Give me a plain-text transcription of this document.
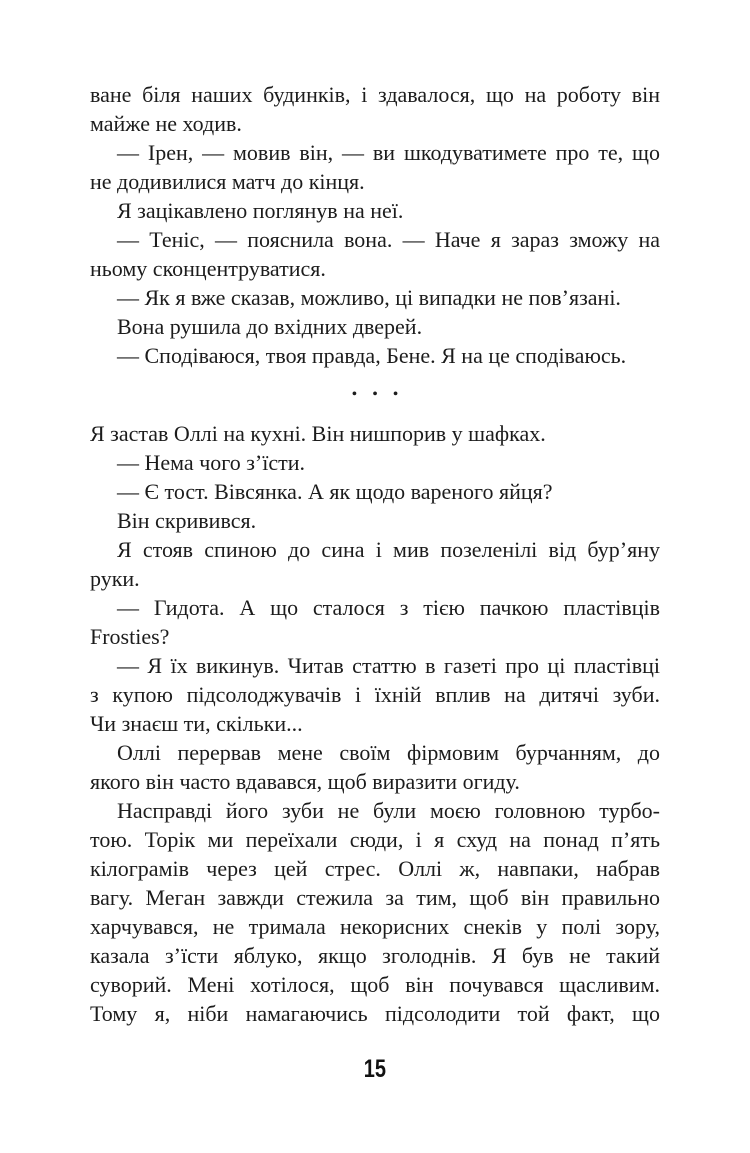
ване біля наших будинків, і здавалося, що на роботу він
майже не ходив.

— Ірен, — мовив він, — ви шкодуватимете про те, що
не додивилися матч до кінця.

Я зацікавлено поглянув на неї.

— Теніс, — пояснила вона. — Наче я зараз зможу на
ньому сконцентруватися.

— Як я вже сказав, можливо, ці випадки не пов’язані.

Вона рушила до вхідних дверей.

— Сподіваюся, твоя правда, Бене. Я на це сподіваюсь.

• • •

Я застав Оллі на кухні. Він нишпорив у шафках.

— Нема чого з’їсти.

— Є тост. Вівсянка. А як щодо вареного яйця?

Він скривився.

Я стояв спиною до сина і мив позеленілі від бур’яну
руки.

— Гидота. А що сталося з тією пачкою пластівців
Frosties?

— Я їх викинув. Читав статтю в газеті про ці пластівці
з купою підсолоджувачів і їхній вплив на дитячі зуби.
Чи знаєш ти, скільки...

Оллі перервав мене своїм фірмовим бурчанням, до
якого він часто вдавався, щоб виразити огиду.

Насправді його зуби не були моєю головною турбо-
тою. Торік ми переїхали сюди, і я схуд на понад п’ять
кілограмів через цей стрес. Оллі ж, навпаки, набрав
вагу. Меган завжди стежила за тим, щоб він правильно
харчувався, не тримала некорисних снеків у полі зору,
казала з’їсти яблуко, якщо зголоднів. Я був не такий
суворий. Мені хотілося, щоб він почувався щасливим.
Тому я, ніби намагаючись підсолодити той факт, що

15
